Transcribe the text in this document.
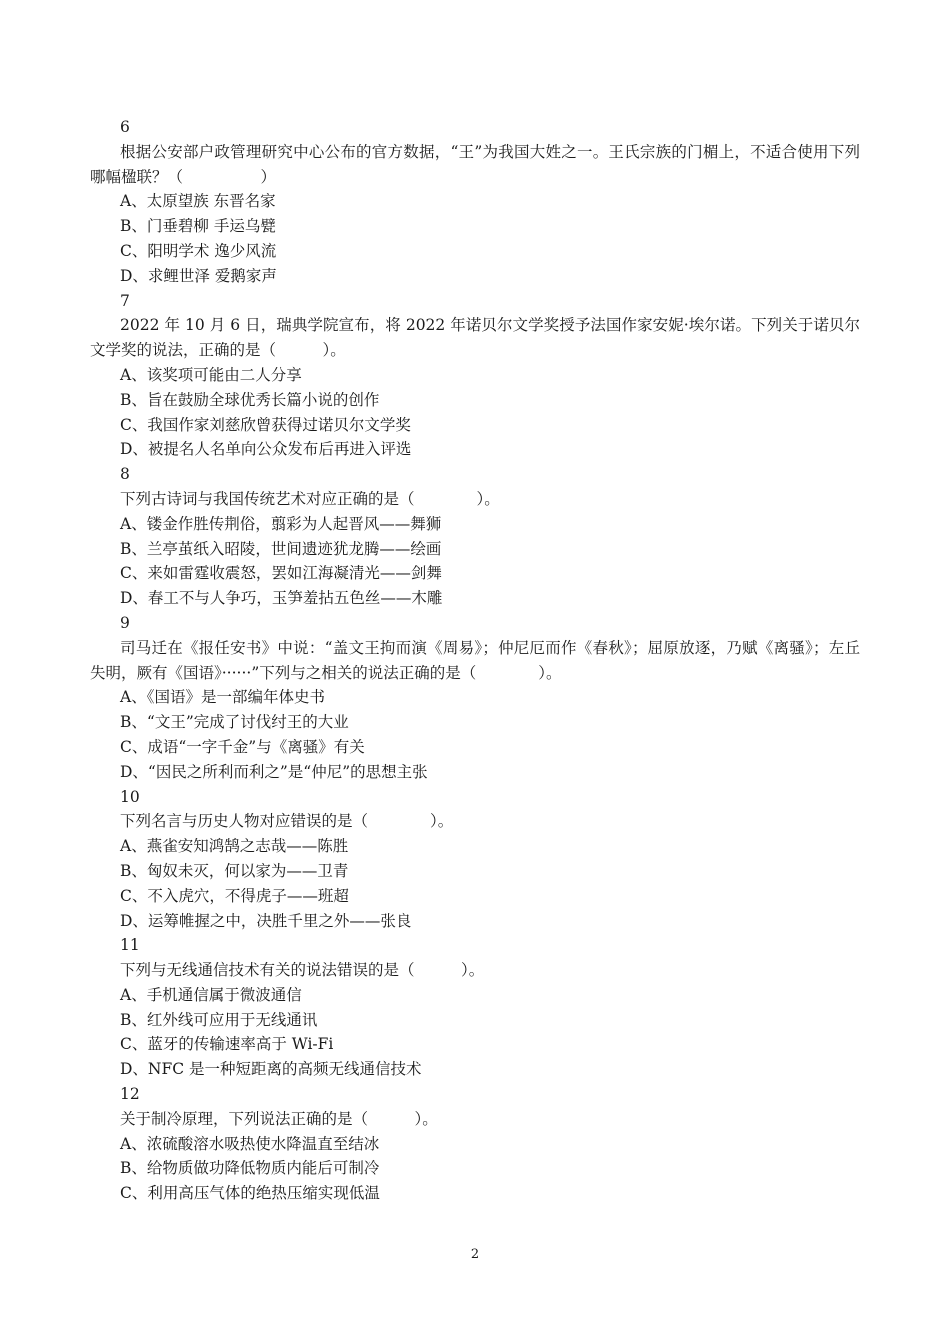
6
根据公安部户政管理研究中心公布的官方数据，“王”为我国大姓之一。王氏宗族的门楣上，不适合使用下列哪幅楹联？（　　　　　）
A、太原望族 东晋名家
B、门垂碧柳 手运乌甓
C、阳明学术 逸少风流
D、求鲤世泽 爱鹅家声
7
2022 年 10 月 6 日，瑞典学院宣布，将 2022 年诺贝尔文学奖授予法国作家安妮·埃尔诺。下列关于诺贝尔文学奖的说法，正确的是（　　　）。
A、该奖项可能由二人分享
B、旨在鼓励全球优秀长篇小说的创作
C、我国作家刘慈欣曾获得过诺贝尔文学奖
D、被提名人名单向公众发布后再进入评选
8
下列古诗词与我国传统艺术对应正确的是（　　　　）。
A、镂金作胜传荆俗，翦彩为人起晋风——舞狮
B、兰亭茧纸入昭陵，世间遗迹犹龙腾——绘画
C、来如雷霆收震怒，罢如江海凝清光——剑舞
D、春工不与人争巧，玉笋羞拈五色丝——木雕
9
司马迁在《报任安书》中说：“盖文王拘而演《周易》；仲尼厄而作《春秋》；屈原放逐，乃赋《离骚》；左丘失明，厥有《国语》······”下列与之相关的说法正确的是（　　　　）。
A、《国语》是一部编年体史书
B、“文王”完成了讨伐纣王的大业
C、成语“一字千金”与《离骚》有关
D、“因民之所利而利之”是“仲尼”的思想主张
10
下列名言与历史人物对应错误的是（　　　　）。
A、燕雀安知鸿鹄之志哉——陈胜
B、匈奴未灭，何以家为——卫青
C、不入虎穴，不得虎子——班超
D、运筹帷握之中，决胜千里之外——张良
11
下列与无线通信技术有关的说法错误的是（　　　）。
A、手机通信属于微波通信
B、红外线可应用于无线通讯
C、蓝牙的传输速率高于 Wi-Fi
D、NFC 是一种短距离的高频无线通信技术
12
关于制冷原理，下列说法正确的是（　　　）。
A、浓硫酸溶水吸热使水降温直至结冰
B、给物质做功降低物质内能后可制冷
C、利用高压气体的绝热压缩实现低温
2
